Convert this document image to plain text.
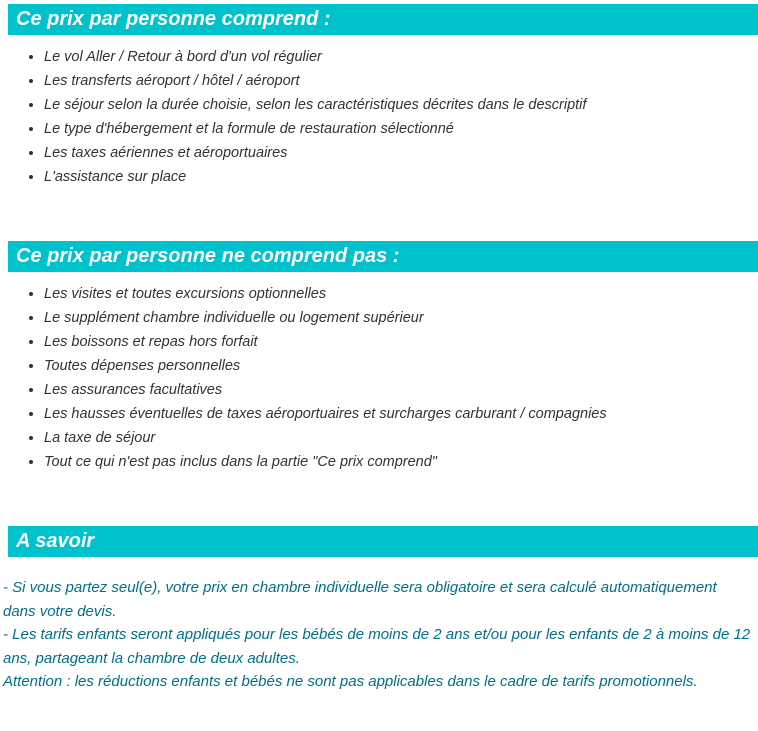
Ce prix par personne comprend :
• Le vol Aller / Retour à bord d'un vol régulier
• Les transferts aéroport / hôtel / aéroport
• Le séjour selon la durée choisie, selon les caractéristiques décrites dans le descriptif
• Le type d'hébergement et la formule de restauration sélectionné
• Les taxes aériennes et aéroportuaires
• L'assistance sur place
Ce prix par personne ne comprend pas :
• Les visites et toutes excursions optionnelles
• Le supplément chambre individuelle ou logement supérieur
• Les boissons et repas hors forfait
• Toutes dépenses personnelles
• Les assurances facultatives
• Les hausses éventuelles de taxes aéroportuaires et surcharges carburant / compagnies
• La taxe de séjour
• Tout ce qui n'est pas inclus dans la partie "Ce prix comprend"
A savoir

- Si vous partez seul(e), votre prix en chambre individuelle sera obligatoire et sera calculé automatiquement dans votre devis.

- Les tarifs enfants seront appliqués pour les bébés de moins de 2 ans et/ou pour les enfants de 2 à moins de 12 ans, partageant la chambre de deux adultes.

Attention : les réductions enfants et bébés ne sont pas applicables dans le cadre de tarifs promotionnels.
